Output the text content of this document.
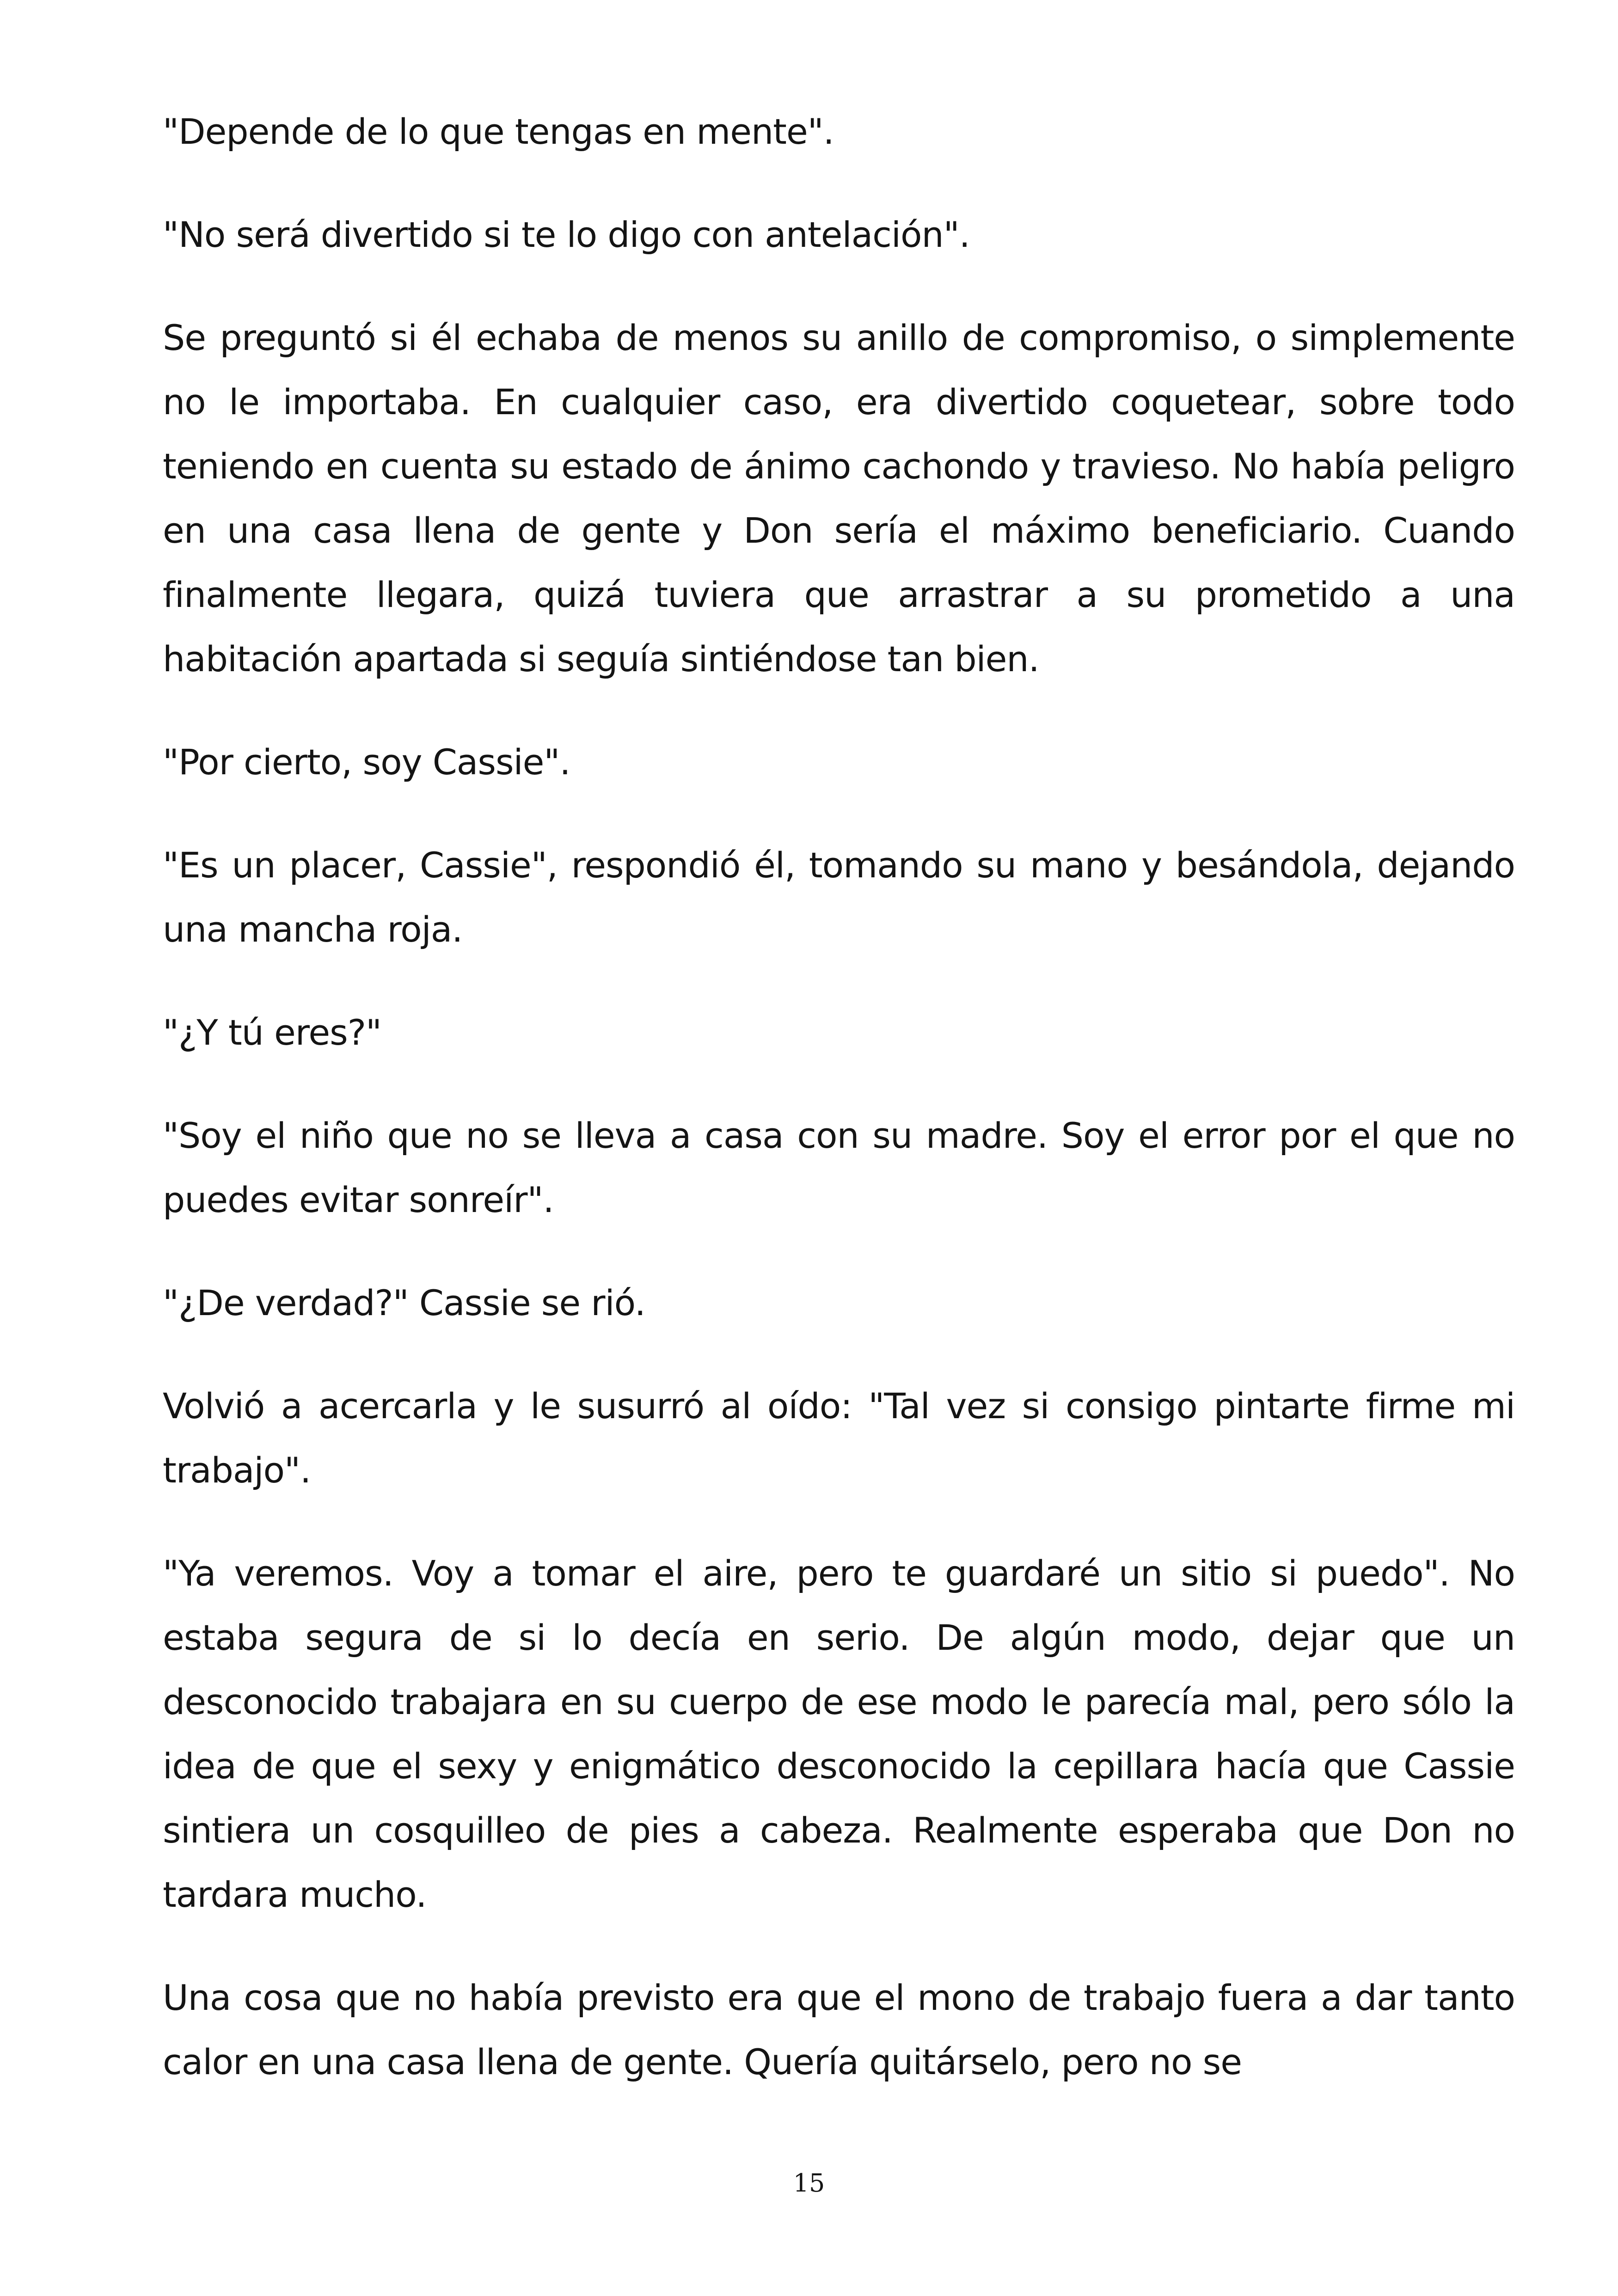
"Depende de lo que tengas en mente".

"No será divertido si te lo digo con antelación".

Se preguntó si él echaba de menos su anillo de compromiso, o simplemente no le importaba. En cualquier caso, era divertido coquetear, sobre todo teniendo en cuenta su estado de ánimo cachondo y travieso. No había peligro en una casa llena de gente y Don sería el máximo beneficiario. Cuando finalmente llegara, quizá tuviera que arrastrar a su prometido a una habitación apartada si seguía sintiéndose tan bien.

"Por cierto, soy Cassie".

"Es un placer, Cassie", respondió él, tomando su mano y besándola, dejando una mancha roja.

"¿Y tú eres?"

"Soy el niño que no se lleva a casa con su madre. Soy el error por el que no puedes evitar sonreír".

"¿De verdad?" Cassie se rió.

Volvió a acercarla y le susurró al oído: "Tal vez si consigo pintarte firme mi trabajo".

"Ya veremos. Voy a tomar el aire, pero te guardaré un sitio si puedo". No estaba segura de si lo decía en serio. De algún modo, dejar que un desconocido trabajara en su cuerpo de ese modo le parecía mal, pero sólo la idea de que el sexy y enigmático desconocido la cepillara hacía que Cassie sintiera un cosquilleo de pies a cabeza. Realmente esperaba que Don no tardara mucho.

Una cosa que no había previsto era que el mono de trabajo fuera a dar tanto calor en una casa llena de gente. Quería quitárselo, pero no se

15
